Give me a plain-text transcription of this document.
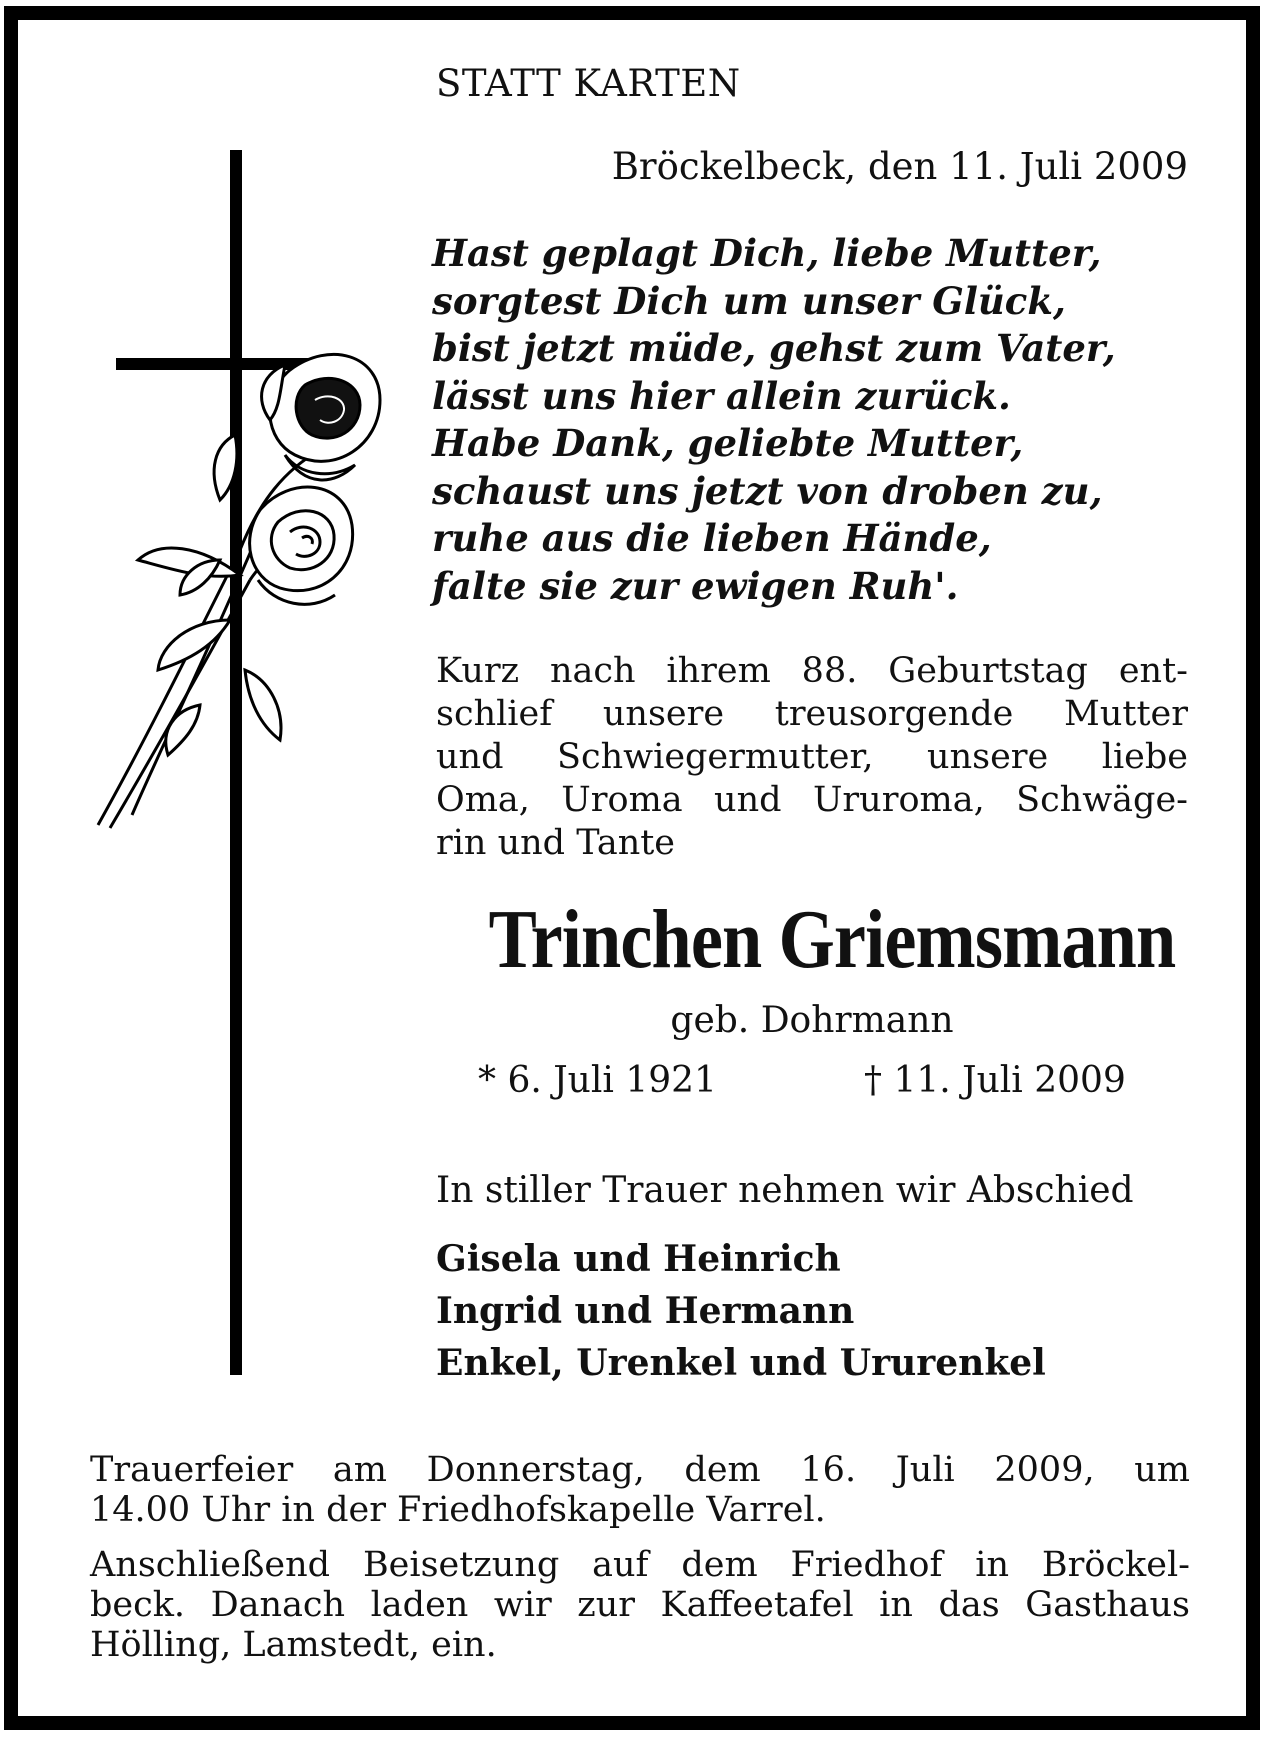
STATT KARTEN
Bröckelbeck, den 11. Juli 2009
Hast geplagt Dich, liebe Mutter,
sorgtest Dich um unser Glück,
bist jetzt müde, gehst zum Vater,
lässt uns hier allein zurück.
Habe Dank, geliebte Mutter,
schaust uns jetzt von droben zu,
ruhe aus die lieben Hände,
falte sie zur ewigen Ruh'.
Kurz nach ihrem 88. Geburtstag ent-
schlief unsere treusorgende Mutter
und Schwiegermutter, unsere liebe
Oma, Uroma und Ururoma, Schwäge-
rin und Tante
Trinchen Griemsmann
geb. Dohrmann
* 6. Juli 1921	† 11. Juli 2009
In stiller Trauer nehmen wir Abschied
Gisela und Heinrich
Ingrid und Hermann
Enkel, Urenkel und Ururenkel
Trauerfeier am Donnerstag, dem 16. Juli 2009, um
14.00 Uhr in der Friedhofskapelle Varrel.
Anschließend Beisetzung auf dem Friedhof in Bröckel-
beck. Danach laden wir zur Kaffeetafel in das Gasthaus
Hölling, Lamstedt, ein.
